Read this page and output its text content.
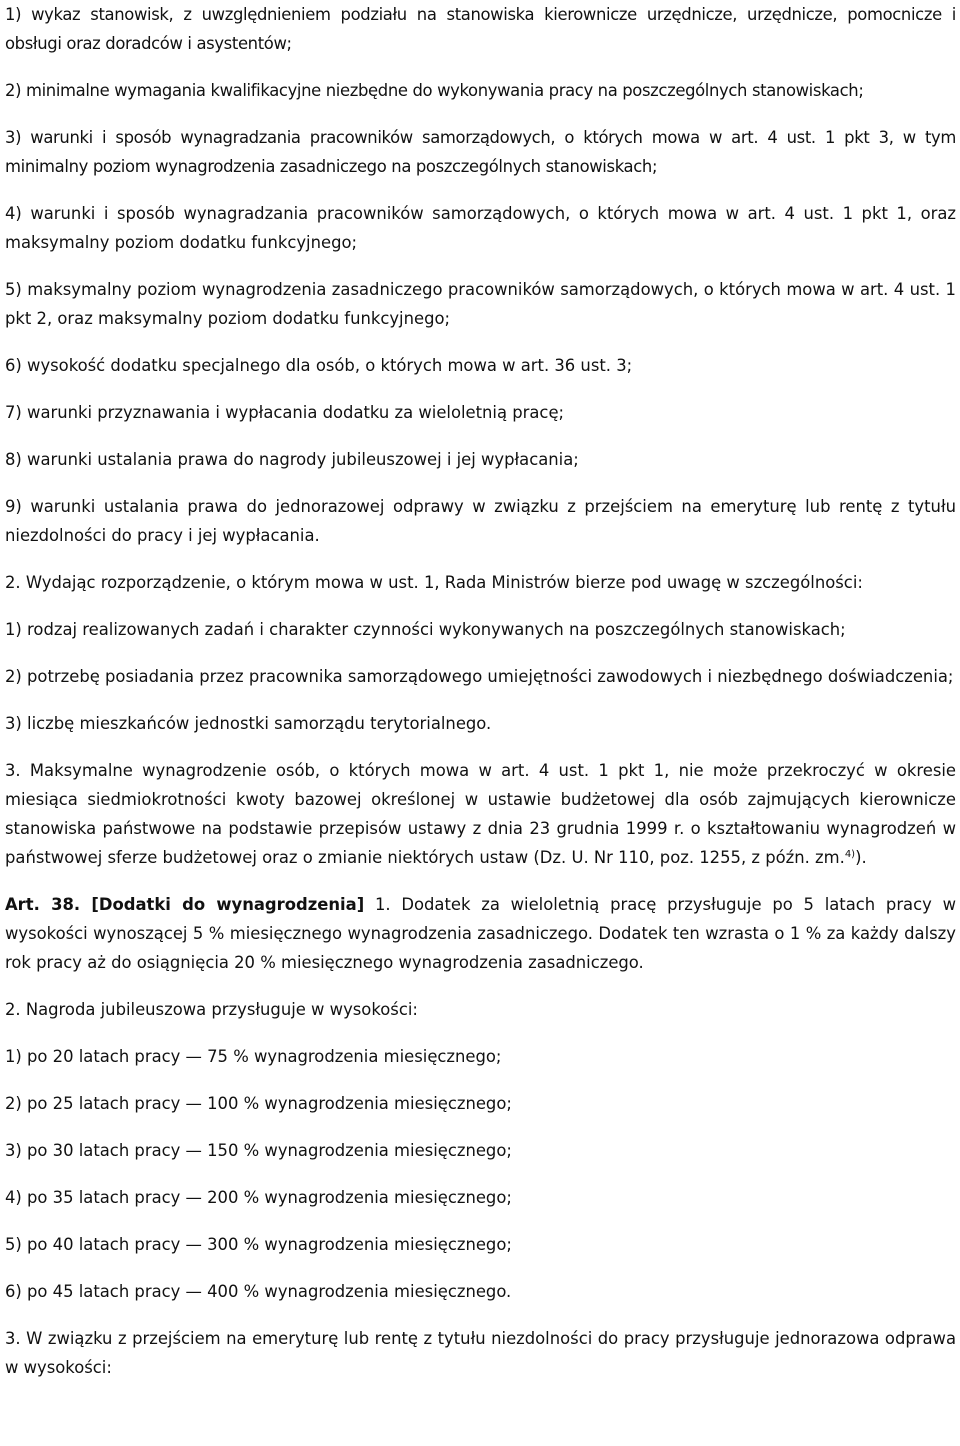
1) wykaz stanowisk, z uwzględnieniem podziału na stanowiska kierownicze urzędnicze, urzędnicze, pomocnicze i obsługi oraz doradców i asystentów;

2) minimalne wymagania kwalifikacyjne niezbędne do wykonywania pracy na poszczególnych stanowiskach;

3) warunki i sposób wynagradzania pracowników samorządowych, o których mowa w art. 4 ust. 1 pkt 3, w tym minimalny poziom wynagrodzenia zasadniczego na poszczególnych stanowiskach;

4) warunki i sposób wynagradzania pracowników samorządowych, o których mowa w art. 4 ust. 1 pkt 1, oraz maksymalny poziom dodatku funkcyjnego;

5) maksymalny poziom wynagrodzenia zasadniczego pracowników samorządowych, o których mowa w art. 4 ust. 1 pkt 2, oraz maksymalny poziom dodatku funkcyjnego;

6) wysokość dodatku specjalnego dla osób, o których mowa w art. 36 ust. 3;

7) warunki przyznawania i wypłacania dodatku za wieloletnią pracę;

8) warunki ustalania prawa do nagrody jubileuszowej i jej wypłacania;

9) warunki ustalania prawa do jednorazowej odprawy w związku z przejściem na emeryturę lub rentę z tytułu niezdolności do pracy i jej wypłacania.

2. Wydając rozporządzenie, o którym mowa w ust. 1, Rada Ministrów bierze pod uwagę w szczególności:

1) rodzaj realizowanych zadań i charakter czynności wykonywanych na poszczególnych stanowiskach;

2) potrzebę posiadania przez pracownika samorządowego umiejętności zawodowych i niezbędnego doświadczenia;

3) liczbę mieszkańców jednostki samorządu terytorialnego.

3. Maksymalne wynagrodzenie osób, o których mowa w art. 4 ust. 1 pkt 1, nie może przekroczyć w okresie miesiąca siedmiokrotności kwoty bazowej określonej w ustawie budżetowej dla osób zajmujących kierownicze stanowiska państwowe na podstawie przepisów ustawy z dnia 23 grudnia 1999 r. o kształtowaniu wynagrodzeń w państwowej sferze budżetowej oraz o zmianie niektórych ustaw (Dz. U. Nr 110, poz. 1255, z późn. zm.$^{4)}$).

Art. 38. [Dodatki do wynagrodzenia] 1. Dodatek za wieloletnią pracę przysługuje po 5 latach pracy w wysokości wynoszącej 5 % miesięcznego wynagrodzenia zasadniczego. Dodatek ten wzrasta o 1 % za każdy dalszy rok pracy aż do osiągnięcia 20 % miesięcznego wynagrodzenia zasadniczego.

2. Nagroda jubileuszowa przysługuje w wysokości:

1) po 20 latach pracy — 75 % wynagrodzenia miesięcznego;

2) po 25 latach pracy — 100 % wynagrodzenia miesięcznego;

3) po 30 latach pracy — 150 % wynagrodzenia miesięcznego;

4) po 35 latach pracy — 200 % wynagrodzenia miesięcznego;

5) po 40 latach pracy — 300 % wynagrodzenia miesięcznego;

6) po 45 latach pracy — 400 % wynagrodzenia miesięcznego.

3. W związku z przejściem na emeryturę lub rentę z tytułu niezdolności do pracy przysługuje jednorazowa odprawa w wysokości:
